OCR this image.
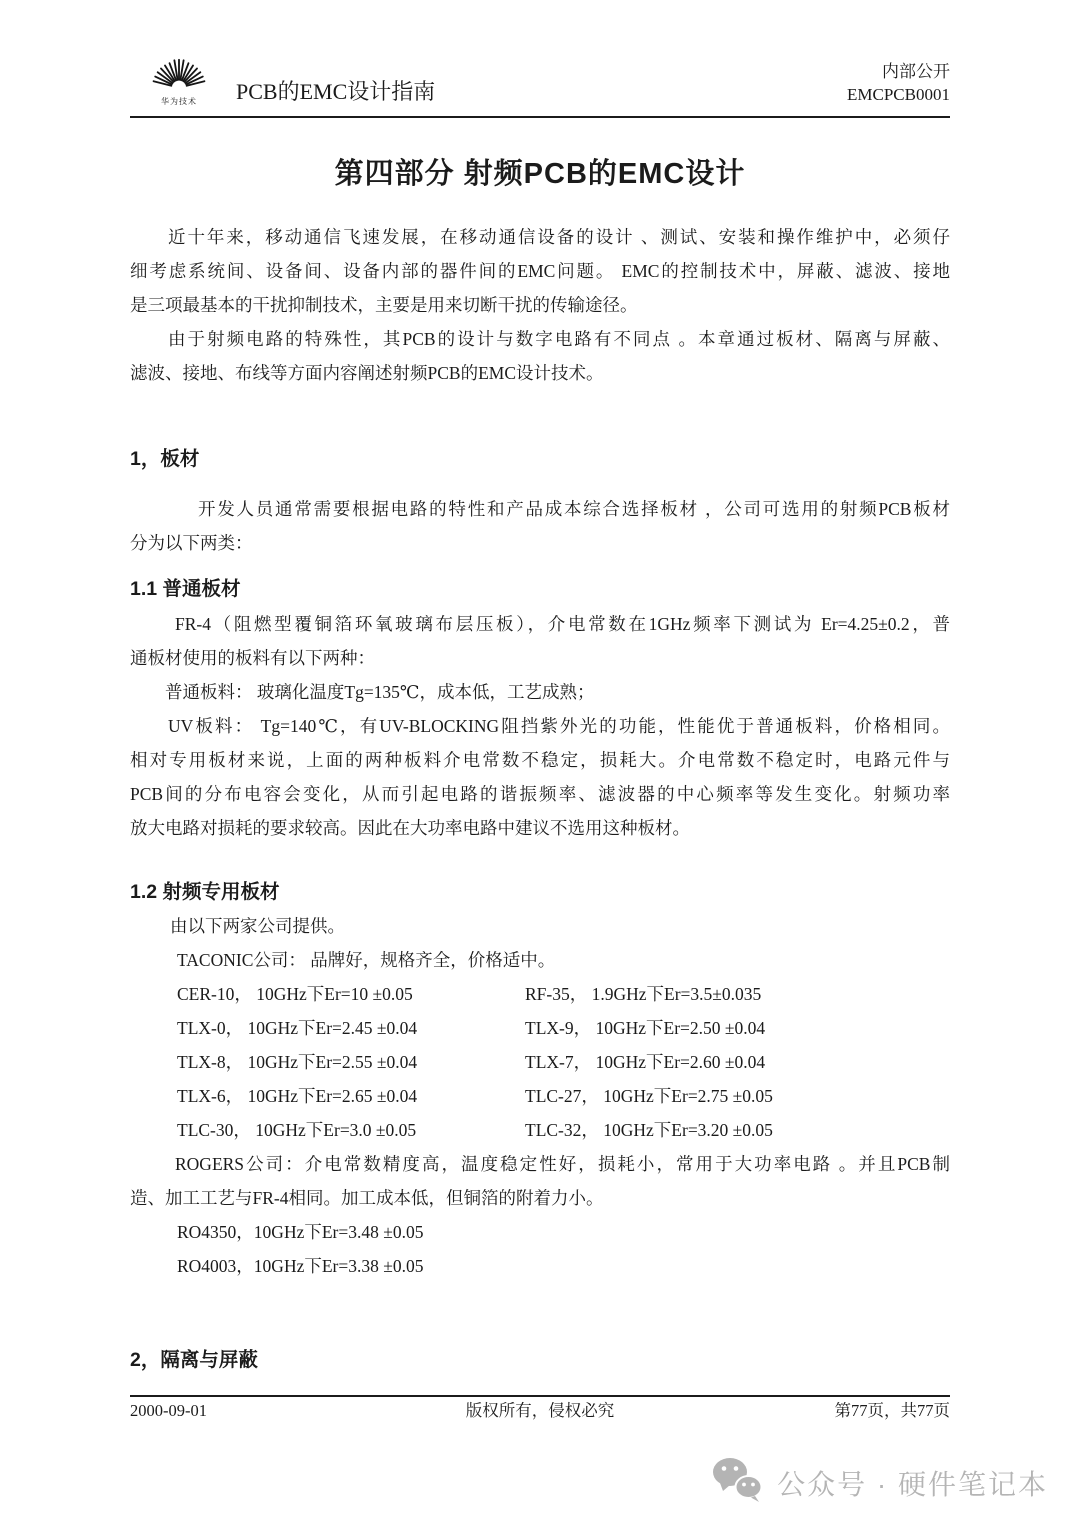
华为技术 PCB的EMC设计指南
内部公开
EMCPCB0001
第四部分 射频PCB的EMC设计
近十年来，移动通信飞速发展，在移动通信设备的设计 、测试、安装和操作维护中，必须仔
细考虑系统间、设备间、设备内部的器件间的EMC问题。 EMC的控制技术中，屏蔽、滤波、接地
是三项最基本的干扰抑制技术，主要是用来切断干扰的传输途径。
由于射频电路的特殊性，其PCB的设计与数字电路有不同点 。本章通过板材、隔离与屏蔽、
滤波、接地、布线等方面内容阐述射频PCB的EMC设计技术。
1，板材
开发人员通常需要根据电路的特性和产品成本综合选择板材 ，公司可选用的射频PCB板材
分为以下两类：
1.1 普通板材
FR-4（阻燃型覆铜箔环氧玻璃布层压板），介电常数在1GHz频率下测试为 Er=4.25±0.2，普
通板材使用的板料有以下两种：
普通板料： 玻璃化温度Tg=135℃，成本低，工艺成熟；
UV板料： Tg=140℃，有UV-BLOCKING阻挡紫外光的功能，性能优于普通板料，价格相同。
相对专用板材来说，上面的两种板料介电常数不稳定，损耗大。介电常数不稳定时，电路元件与
PCB间的分布电容会变化，从而引起电路的谐振频率、滤波器的中心频率等发生变化。射频功率
放大电路对损耗的要求较高。因此在大功率电路中建议不选用这种板材。
1.2 射频专用板材
由以下两家公司提供。
TACONIC公司： 品牌好，规格齐全，价格适中。
CER-10， 10GHz下Er=10 ±0.05	RF-35， 1.9GHz下Er=3.5±0.035
TLX-0， 10GHz下Er=2.45 ±0.04	TLX-9， 10GHz下Er=2.50 ±0.04
TLX-8， 10GHz下Er=2.55 ±0.04	TLX-7， 10GHz下Er=2.60 ±0.04
TLX-6， 10GHz下Er=2.65 ±0.04	TLC-27， 10GHz下Er=2.75 ±0.05
TLC-30， 10GHz下Er=3.0 ±0.05	TLC-32， 10GHz下Er=3.20 ±0.05
ROGERS公司：介电常数精度高，温度稳定性好，损耗小，常用于大功率电路 。并且PCB制
造、加工工艺与FR-4相同。加工成本低，但铜箔的附着力小。
RO4350，10GHz下Er=3.48 ±0.05
RO4003，10GHz下Er=3.38 ±0.05
2，隔离与屏蔽
2000-09-01	版权所有，侵权必究	第77页，共77页
公众号 · 硬件笔记本
